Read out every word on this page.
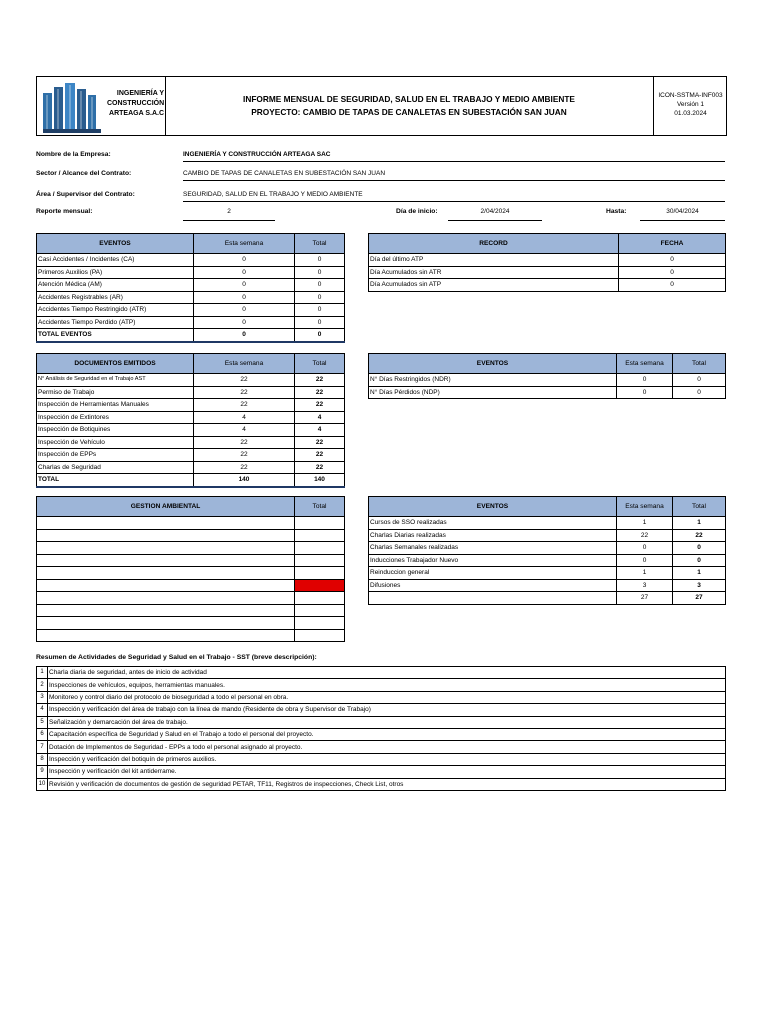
INGENIERÍA Y
CONSTRUCCIÓN
ARTEAGA S.A.C
INFORME MENSUAL DE SEGURIDAD, SALUD EN EL TRABAJO Y MEDIO AMBIENTE
PROYECTO: CAMBIO DE TAPAS DE CANALETAS EN SUBESTACIÓN SAN JUAN
ICON-SSTMA-INF003
Versión 1
01.03.2024
Nombre de la Empresa:	INGENIERÍA Y CONSTRUCCIÓN ARTEAGA SAC
Sector / Alcance del Contrato:	CAMBIO DE TAPAS DE CANALETAS EN SUBESTACIÓN SAN JUAN
Área / Supervisor del Contrato:	SEGURIDAD, SALUD EN EL TRABAJO Y MEDIO AMBIENTE
Reporte mensual:	2	Día de inicio:	2/04/2024	Hasta:	30/04/2024
EVENTOS	Esta semana	Total
Casi Accidentes / Incidentes (CA)	0	0
Primeros Auxilios (PA)	0	0
Atención Médica (AM)	0	0
Accidentes Registrables (AR)	0	0
Accidentes Tiempo Restringido (ATR)	0	0
Accidentes Tiempo Perdido (ATP)	0	0
TOTAL EVENTOS	0	0
RECORD	FECHA
Día del último ATP	0
Día Acumulados sin ATR	0
Día Acumulados sin ATP	0
DOCUMENTOS EMITIDOS	Esta semana	Total
N° Análisis de Seguridad en el Trabajo AST	22	22
Permiso de Trabajo	22	22
Inspección de Herramientas Manuales	22	22
Inspección de Extintores	4	4
Inspección de Botiquines	4	4
Inspección de Vehículo	22	22
Inspección de EPPs	22	22
Charlas de Seguridad	22	22
TOTAL	140	140
EVENTOS	Esta semana	Total
N° Días Restringidos (NDR)	0	0
N° Días Pérdidos (NDP)	0	0
GESTION AMBIENTAL	Total

		EVENTOS	Esta semana	Total
Cursos de SSO realizadas	1	1
Charlas Diarias realizadas	22	22
Charlas Semanales realizadas	0	0
Inducciones Trabajador Nuevo	0	0
Reinduccion general	1	1
Difusiones	3	3
	27	27
Resumen de Actividades de Seguridad y Salud en el Trabajo - SST (breve descripción):
1	Charla diaria de seguridad, antes de inicio de actividad
2	Inspecciones de vehículos, equipos, herramientas manuales.
3	Monitoreo y control diario del protocolo de bioseguridad a todo el personal en obra.
4	Inspección y verificación del área de trabajo con la línea de mando (Residente de obra y Supervisor de Trabajo)
5	Señalización y demarcación del área de trabajo.
6	Capacitación específica de Seguridad y Salud en el Trabajo a todo el personal del proyecto.
7	Dotación de Implementos de Seguridad - EPPs a todo el personal asignado al proyecto.
8	Inspección y verificación del botiquín de primeros auxilios.
9	Inspección y verificación del kit antiderrame.
10	Revisión y verificación de documentos de gestión de seguridad PETAR, TF11, Registros de inspecciones, Check List, otros
